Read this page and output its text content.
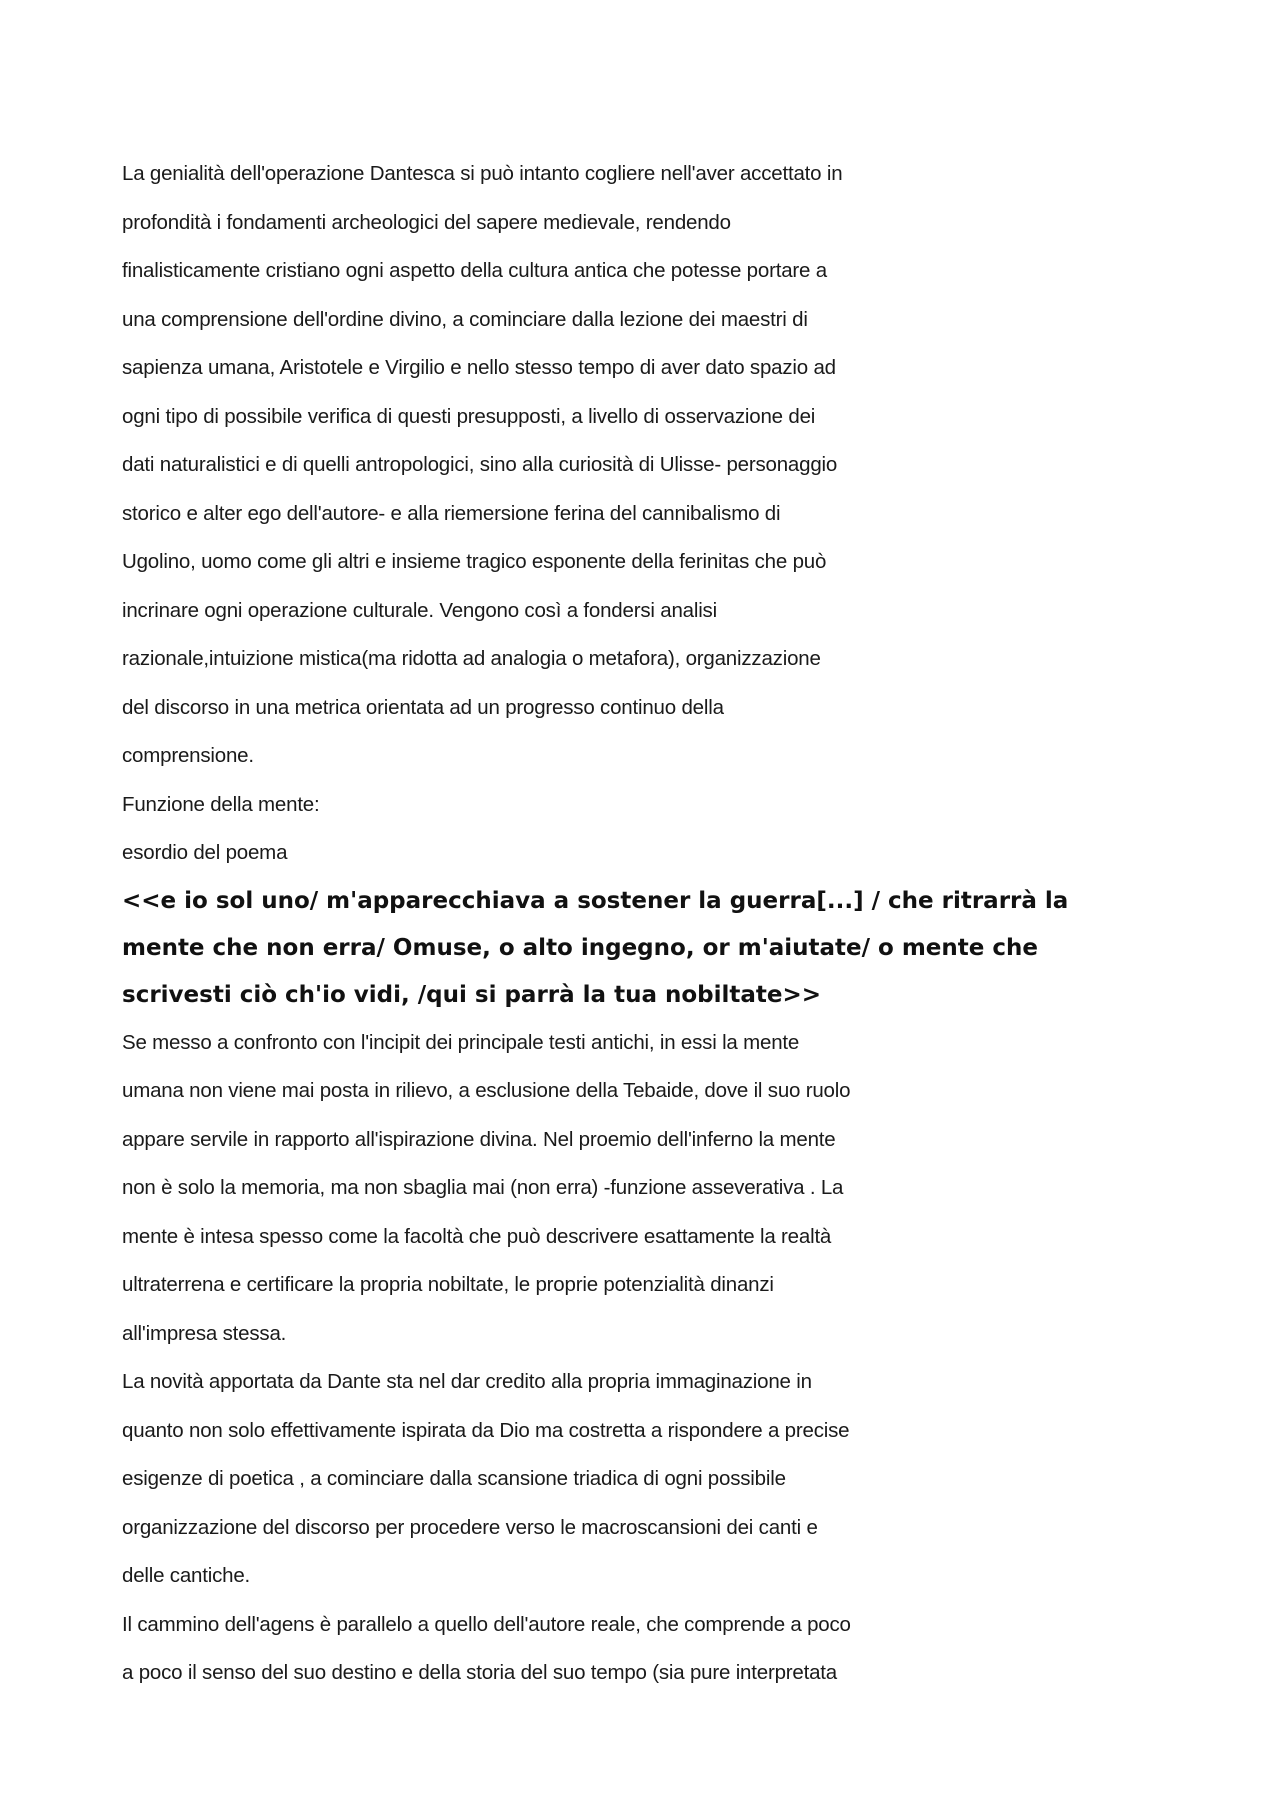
La genialità dell'operazione Dantesca si può intanto cogliere nell'aver accettato in
profondità i fondamenti archeologici del sapere medievale, rendendo
finalisticamente cristiano ogni aspetto della cultura antica che potesse portare a
una comprensione dell'ordine divino, a cominciare dalla lezione dei maestri di
sapienza umana, Aristotele e Virgilio e nello stesso tempo di aver dato spazio ad
ogni tipo di possibile verifica di questi presupposti, a livello di osservazione dei
dati naturalistici e di quelli antropologici, sino alla curiosità di Ulisse- personaggio
storico e alter ego dell'autore- e alla riemersione ferina del cannibalismo di
Ugolino, uomo come gli altri e insieme tragico esponente della ferinitas che può
incrinare ogni operazione culturale. Vengono così a fondersi analisi
razionale,intuizione mistica(ma ridotta ad analogia o metafora), organizzazione
del discorso in una metrica orientata ad un progresso continuo della
comprensione.
Funzione della mente:
esordio del poema
<<e io sol uno/ m'apparecchiava a sostener la guerra[...] / che ritrarrà la
mente che non erra/ Omuse, o alto ingegno, or m'aiutate/ o mente che
scrivesti ciò ch'io vidi, /qui si parrà la tua nobiltate>>
Se messo a confronto con l'incipit dei principale testi antichi, in essi la mente
umana non viene mai posta in rilievo, a esclusione della Tebaide, dove il suo ruolo
appare servile in rapporto all'ispirazione divina. Nel proemio dell'inferno la mente
non è solo la memoria, ma non sbaglia mai (non erra) -funzione asseverativa . La
mente è intesa spesso come la facoltà che può descrivere esattamente la realtà
ultraterrena e certificare la propria nobiltate, le proprie potenzialità dinanzi
all'impresa stessa.
La novità apportata da Dante sta nel dar credito alla propria immaginazione in
quanto non solo effettivamente ispirata da Dio ma costretta a rispondere a precise
esigenze di poetica , a cominciare dalla scansione triadica di ogni possibile
organizzazione del discorso per procedere verso le macroscansioni dei canti e
delle cantiche.
Il cammino dell'agens è parallelo a quello dell'autore reale, che comprende a poco
a poco il senso del suo destino e della storia del suo tempo (sia pure interpretata
